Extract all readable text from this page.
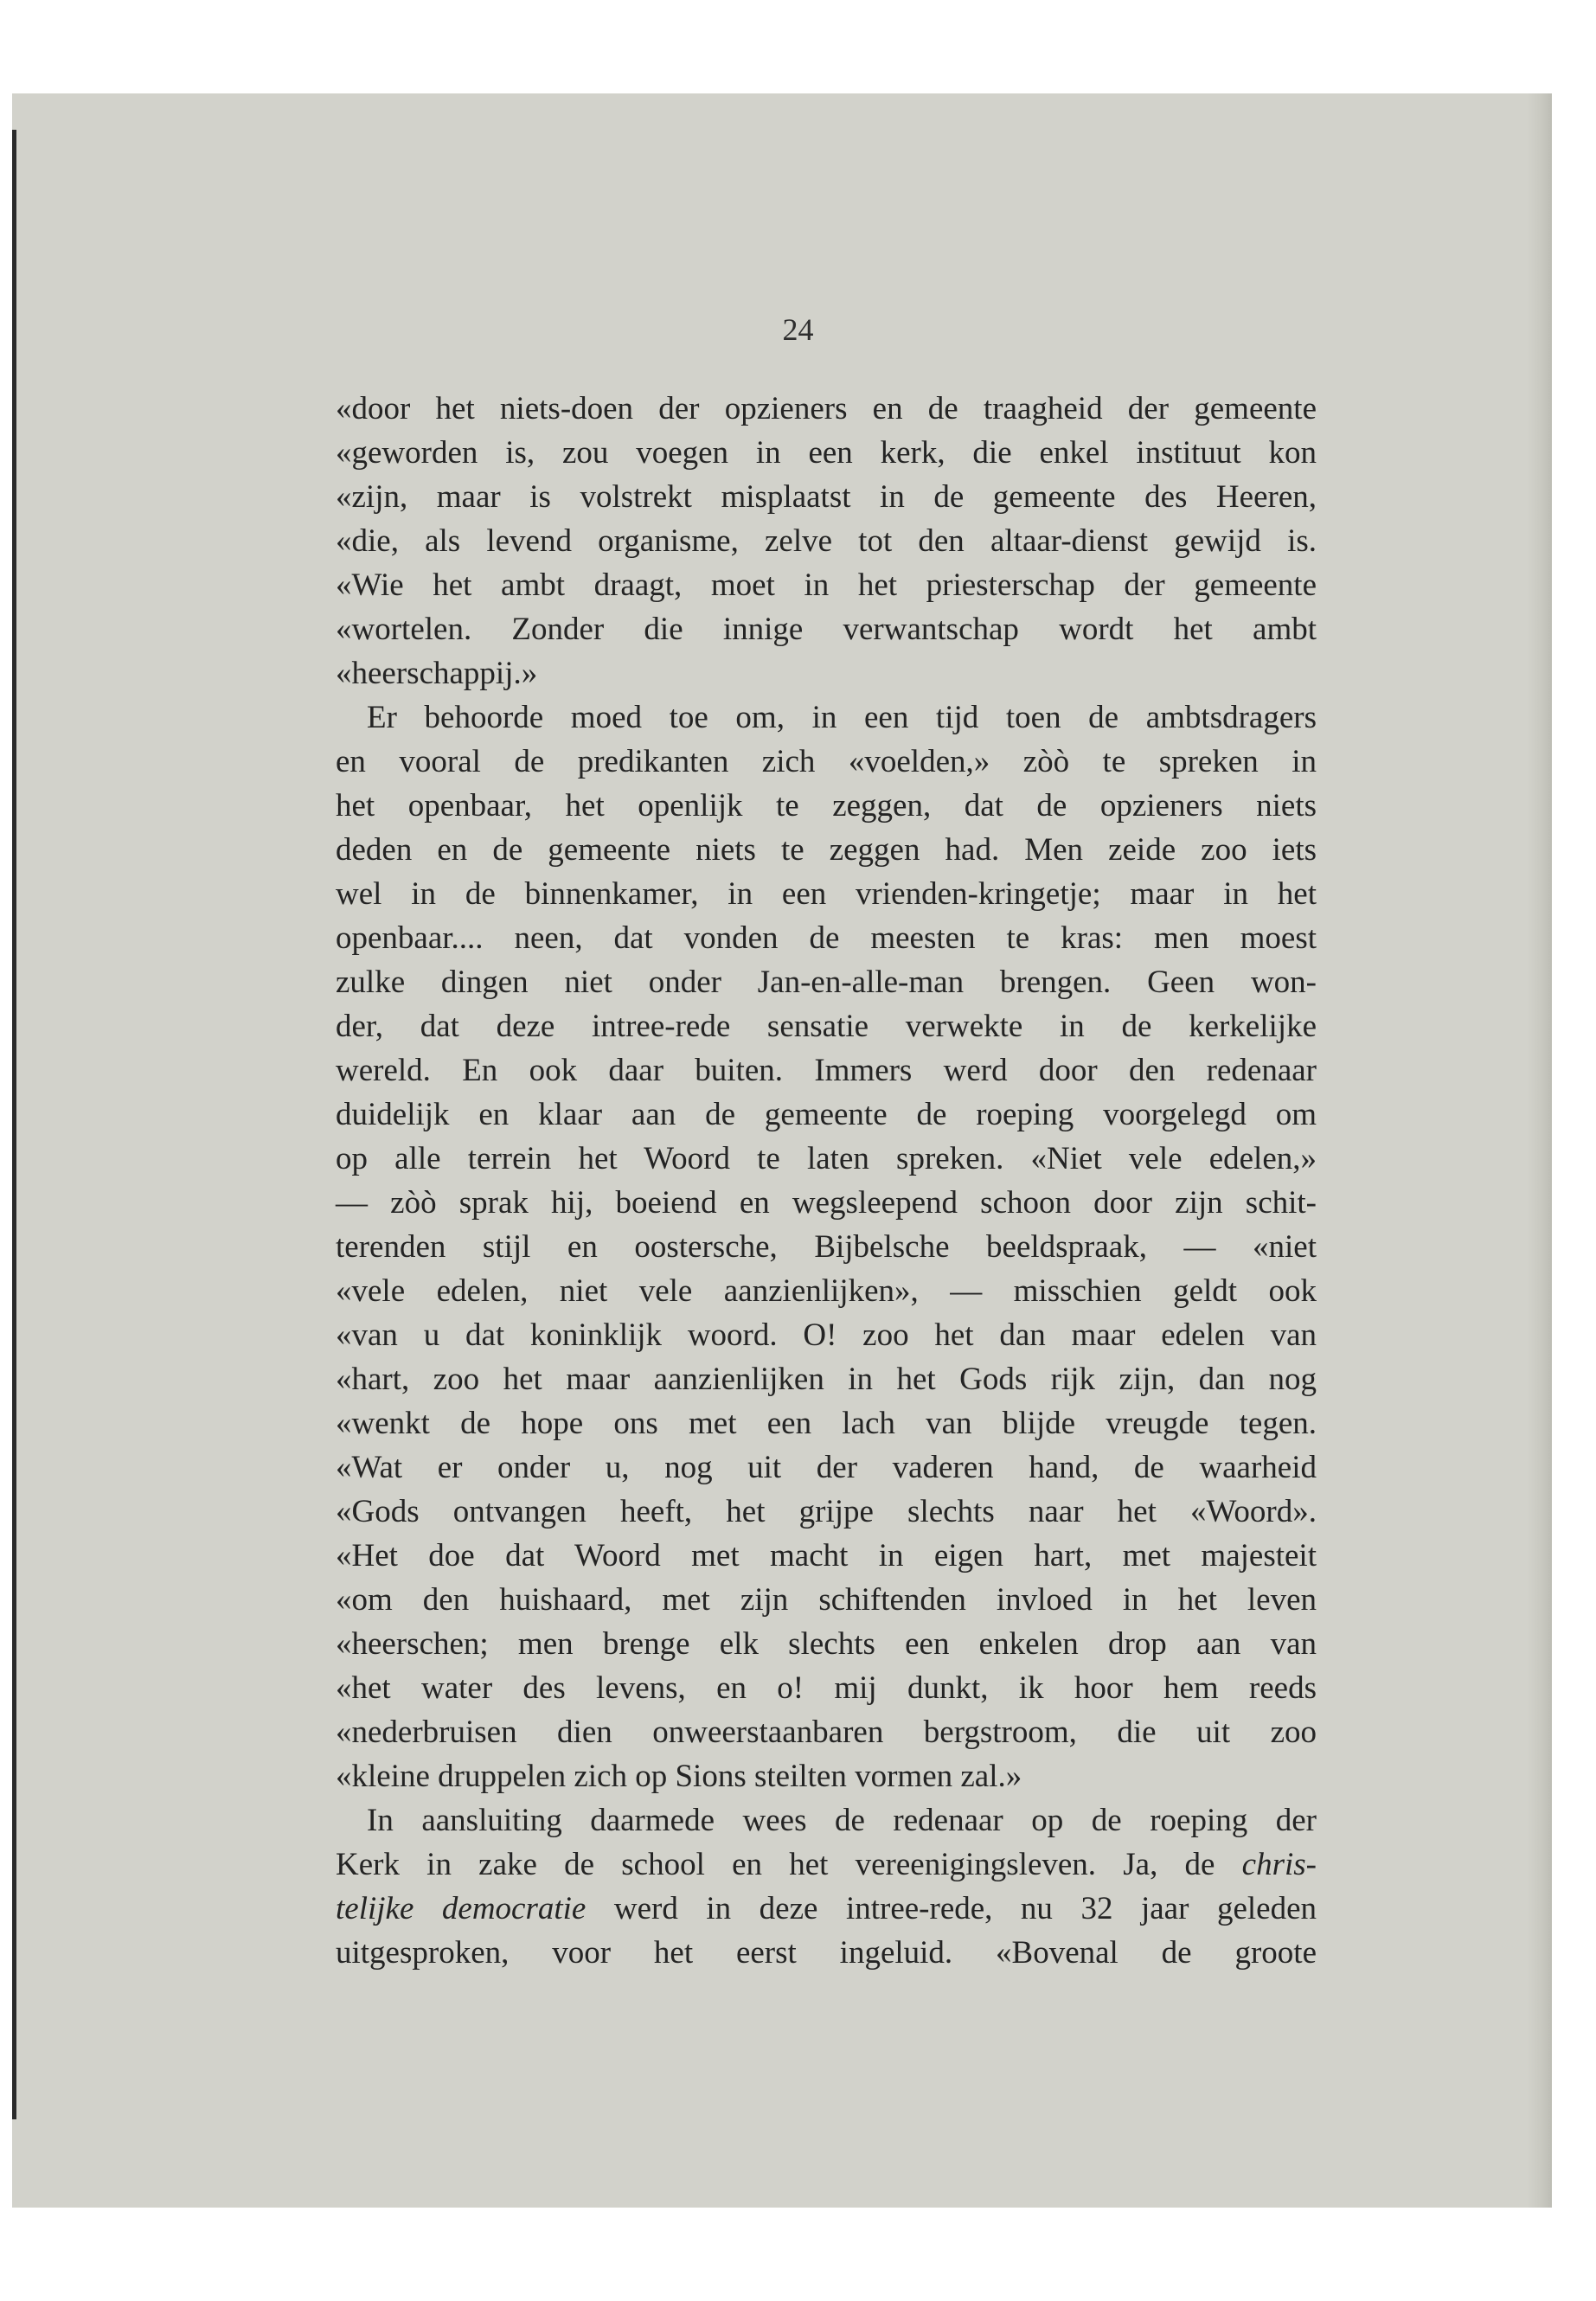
24

«door het niets-doen der opzieners en de traagheid der gemeente
«geworden is, zou voegen in een kerk, die enkel instituut kon
«zijn, maar is volstrekt misplaatst in de gemeente des Heeren,
«die, als levend organisme, zelve tot den altaar-dienst gewijd is.
«Wie het ambt draagt, moet in het priesterschap der gemeente
«wortelen. Zonder die innige verwantschap wordt het ambt
«heerschappij.»

Er behoorde moed toe om, in een tijd toen de ambtsdragers
en vooral de predikanten zich «voelden,» zòò te spreken in
het openbaar, het openlijk te zeggen, dat de opzieners niets
deden en de gemeente niets te zeggen had. Men zeide zoo iets
wel in de binnenkamer, in een vrienden-kringetje; maar in het
openbaar.... neen, dat vonden de meesten te kras: men moest
zulke dingen niet onder Jan-en-alle-man brengen. Geen won-
der, dat deze intree-rede sensatie verwekte in de kerkelijke
wereld. En ook daar buiten. Immers werd door den redenaar
duidelijk en klaar aan de gemeente de roeping voorgelegd om
op alle terrein het Woord te laten spreken. «Niet vele edelen,»
— zòò sprak hij, boeiend en wegsleepend schoon door zijn schit-
terenden stijl en oostersche, Bijbelsche beeldspraak, — «niet
«vele edelen, niet vele aanzienlijken», — misschien geldt ook
«van u dat koninklijk woord. O! zoo het dan maar edelen van
«hart, zoo het maar aanzienlijken in het Gods rijk zijn, dan nog
«wenkt de hope ons met een lach van blijde vreugde tegen.
«Wat er onder u, nog uit der vaderen hand, de waarheid
«Gods ontvangen heeft, het grijpe slechts naar het «Woord».
«Het doe dat Woord met macht in eigen hart, met majesteit
«om den huishaard, met zijn schiftenden invloed in het leven
«heerschen; men brenge elk slechts een enkelen drop aan van
«het water des levens, en o! mij dunkt, ik hoor hem reeds
«nederbruisen dien onweerstaanbaren bergstroom, die uit zoo
«kleine druppelen zich op Sions steilten vormen zal.»

In aansluiting daarmede wees de redenaar op de roeping der
Kerk in zake de school en het vereenigingsleven. Ja, de chris-
telijke democratie werd in deze intree-rede, nu 32 jaar geleden
uitgesproken, voor het eerst ingeluid. «Bovenal de groote
